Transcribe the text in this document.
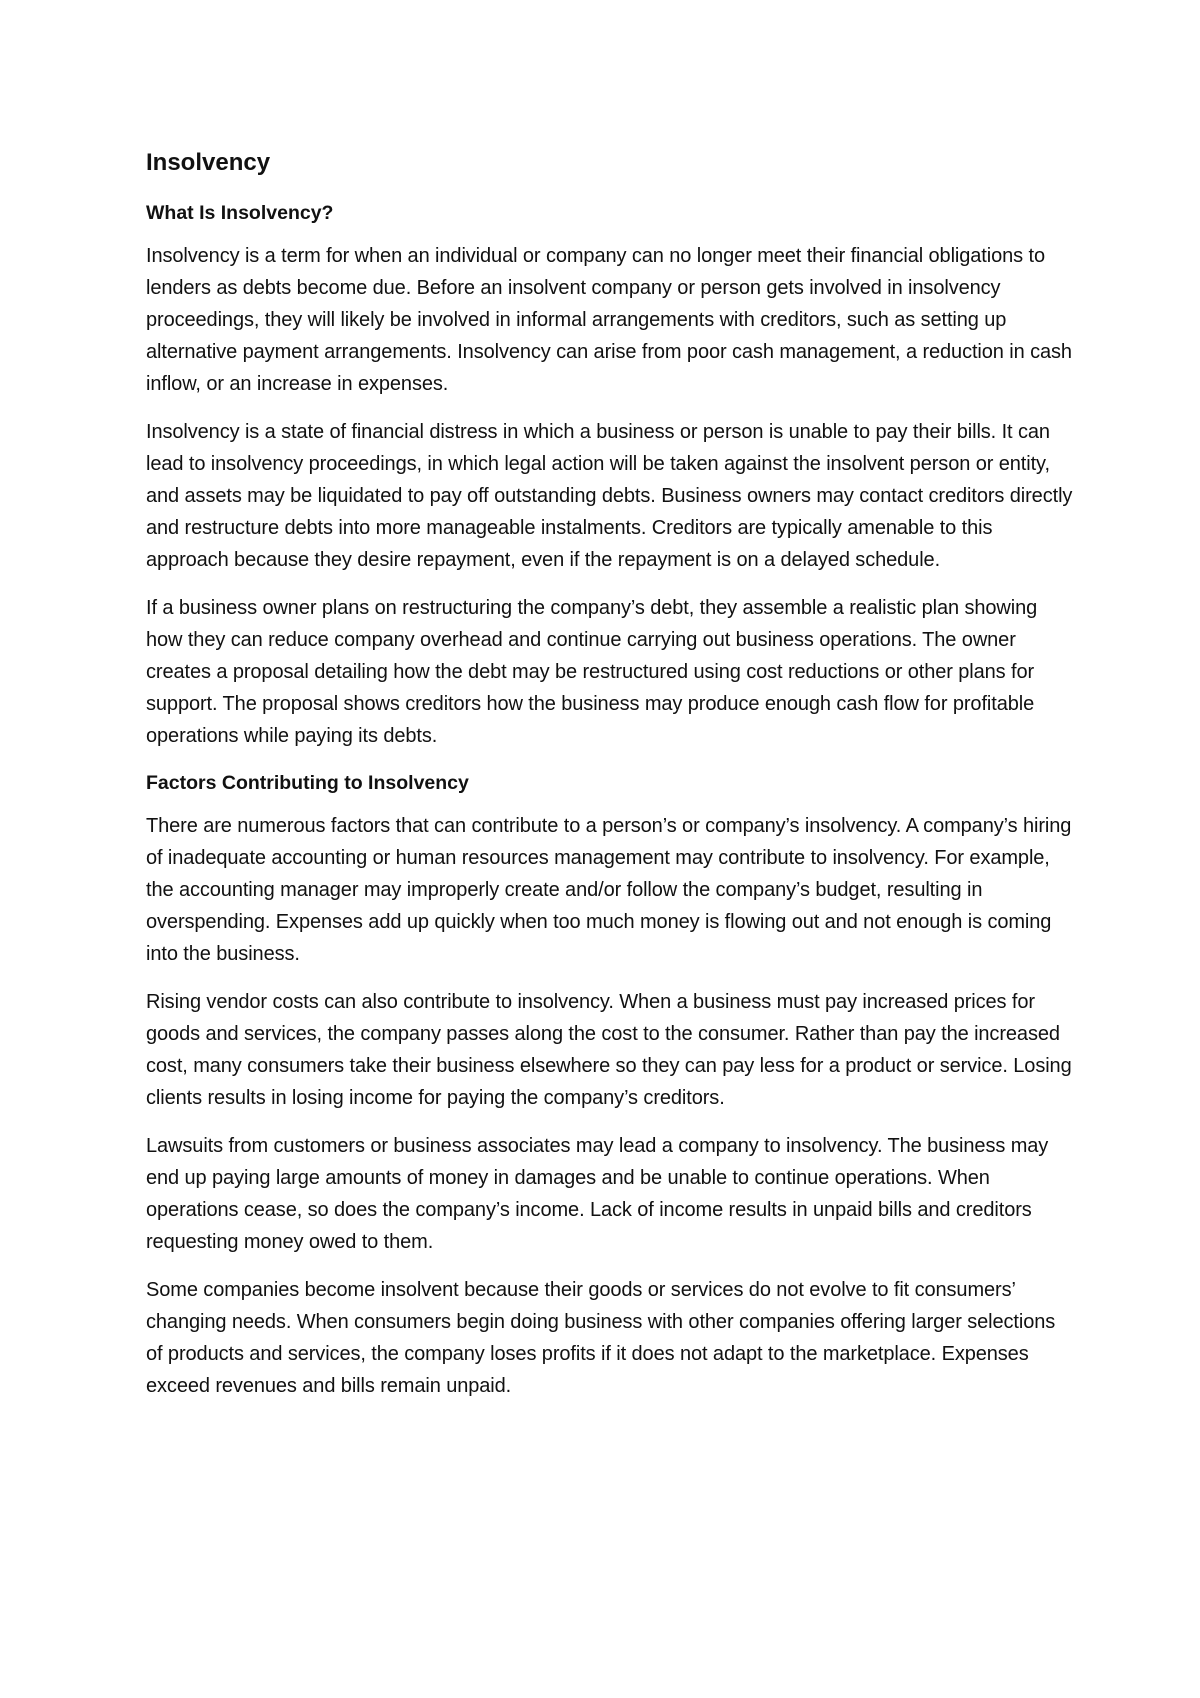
Insolvency
What Is Insolvency?

Insolvency is a term for when an individual or company can no longer meet their financial obligations to lenders as debts become due. Before an insolvent company or person gets involved in insolvency proceedings, they will likely be involved in informal arrangements with creditors, such as setting up alternative payment arrangements. Insolvency can arise from poor cash management, a reduction in cash inflow, or an increase in expenses.

Insolvency is a state of financial distress in which a business or person is unable to pay their bills. It can lead to insolvency proceedings, in which legal action will be taken against the insolvent person or entity, and assets may be liquidated to pay off outstanding debts. Business owners may contact creditors directly and restructure debts into more manageable instalments. Creditors are typically amenable to this approach because they desire repayment, even if the repayment is on a delayed schedule.

If a business owner plans on restructuring the company’s debt, they assemble a realistic plan showing how they can reduce company overhead and continue carrying out business operations. The owner creates a proposal detailing how the debt may be restructured using cost reductions or other plans for support. The proposal shows creditors how the business may produce enough cash flow for profitable operations while paying its debts.

Factors Contributing to Insolvency

There are numerous factors that can contribute to a person’s or company’s insolvency. A company’s hiring of inadequate accounting or human resources management may contribute to insolvency. For example, the accounting manager may improperly create and/or follow the company’s budget, resulting in overspending. Expenses add up quickly when too much money is flowing out and not enough is coming into the business.

Rising vendor costs can also contribute to insolvency. When a business must pay increased prices for goods and services, the company passes along the cost to the consumer. Rather than pay the increased cost, many consumers take their business elsewhere so they can pay less for a product or service. Losing clients results in losing income for paying the company’s creditors.

Lawsuits from customers or business associates may lead a company to insolvency. The business may end up paying large amounts of money in damages and be unable to continue operations. When operations cease, so does the company’s income. Lack of income results in unpaid bills and creditors requesting money owed to them.

Some companies become insolvent because their goods or services do not evolve to fit consumers’ changing needs. When consumers begin doing business with other companies offering larger selections of products and services, the company loses profits if it does not adapt to the marketplace. Expenses exceed revenues and bills remain unpaid.
